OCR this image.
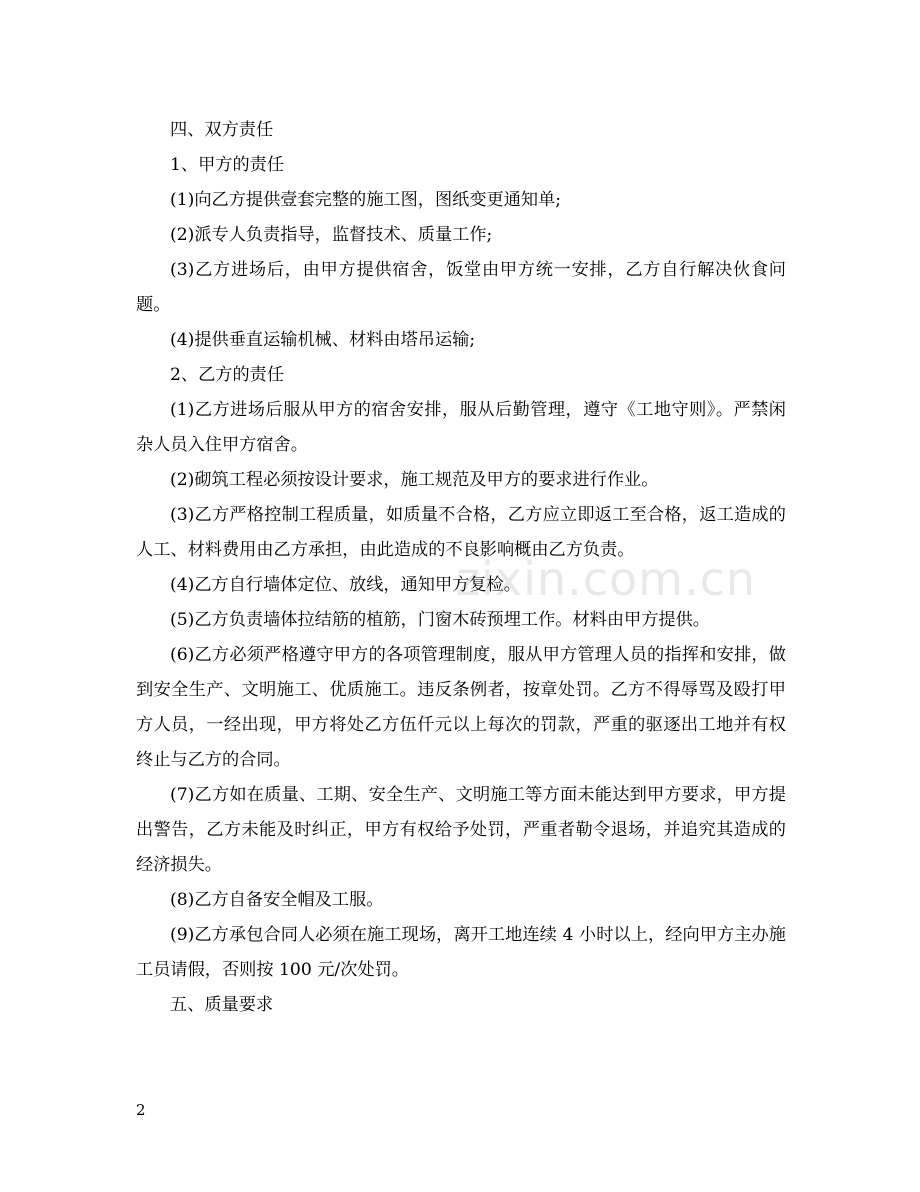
四、双方责任

1、甲方的责任

(1)向乙方提供壹套完整的施工图，图纸变更通知单;

(2)派专人负责指导，监督技术、质量工作;

(3)乙方进场后，由甲方提供宿舍，饭堂由甲方统一安排，乙方自行解决伙食问题。

(4)提供垂直运输机械、材料由塔吊运输;

2、乙方的责任

(1)乙方进场后服从甲方的宿舍安排，服从后勤管理，遵守《工地守则》。严禁闲杂人员入住甲方宿舍。

(2)砌筑工程必须按设计要求，施工规范及甲方的要求进行作业。

(3)乙方严格控制工程质量，如质量不合格，乙方应立即返工至合格，返工造成的人工、材料费用由乙方承担，由此造成的不良影响概由乙方负责。

(4)乙方自行墙体定位、放线，通知甲方复检。

(5)乙方负责墙体拉结筋的植筋，门窗木砖预埋工作。材料由甲方提供。

(6)乙方必须严格遵守甲方的各项管理制度，服从甲方管理人员的指挥和安排，做到安全生产、文明施工、优质施工。违反条例者，按章处罚。乙方不得辱骂及殴打甲方人员，一经出现，甲方将处乙方伍仟元以上每次的罚款，严重的驱逐出工地并有权终止与乙方的合同。

(7)乙方如在质量、工期、安全生产、文明施工等方面未能达到甲方要求，甲方提出警告，乙方未能及时纠正，甲方有权给予处罚，严重者勒令退场，并追究其造成的经济损失。

(8)乙方自备安全帽及工服。

(9)乙方承包合同人必须在施工现场，离开工地连续 4 小时以上，经向甲方主办施工员请假，否则按 100 元/次处罚。

五、质量要求

zixin.com.cn
2
